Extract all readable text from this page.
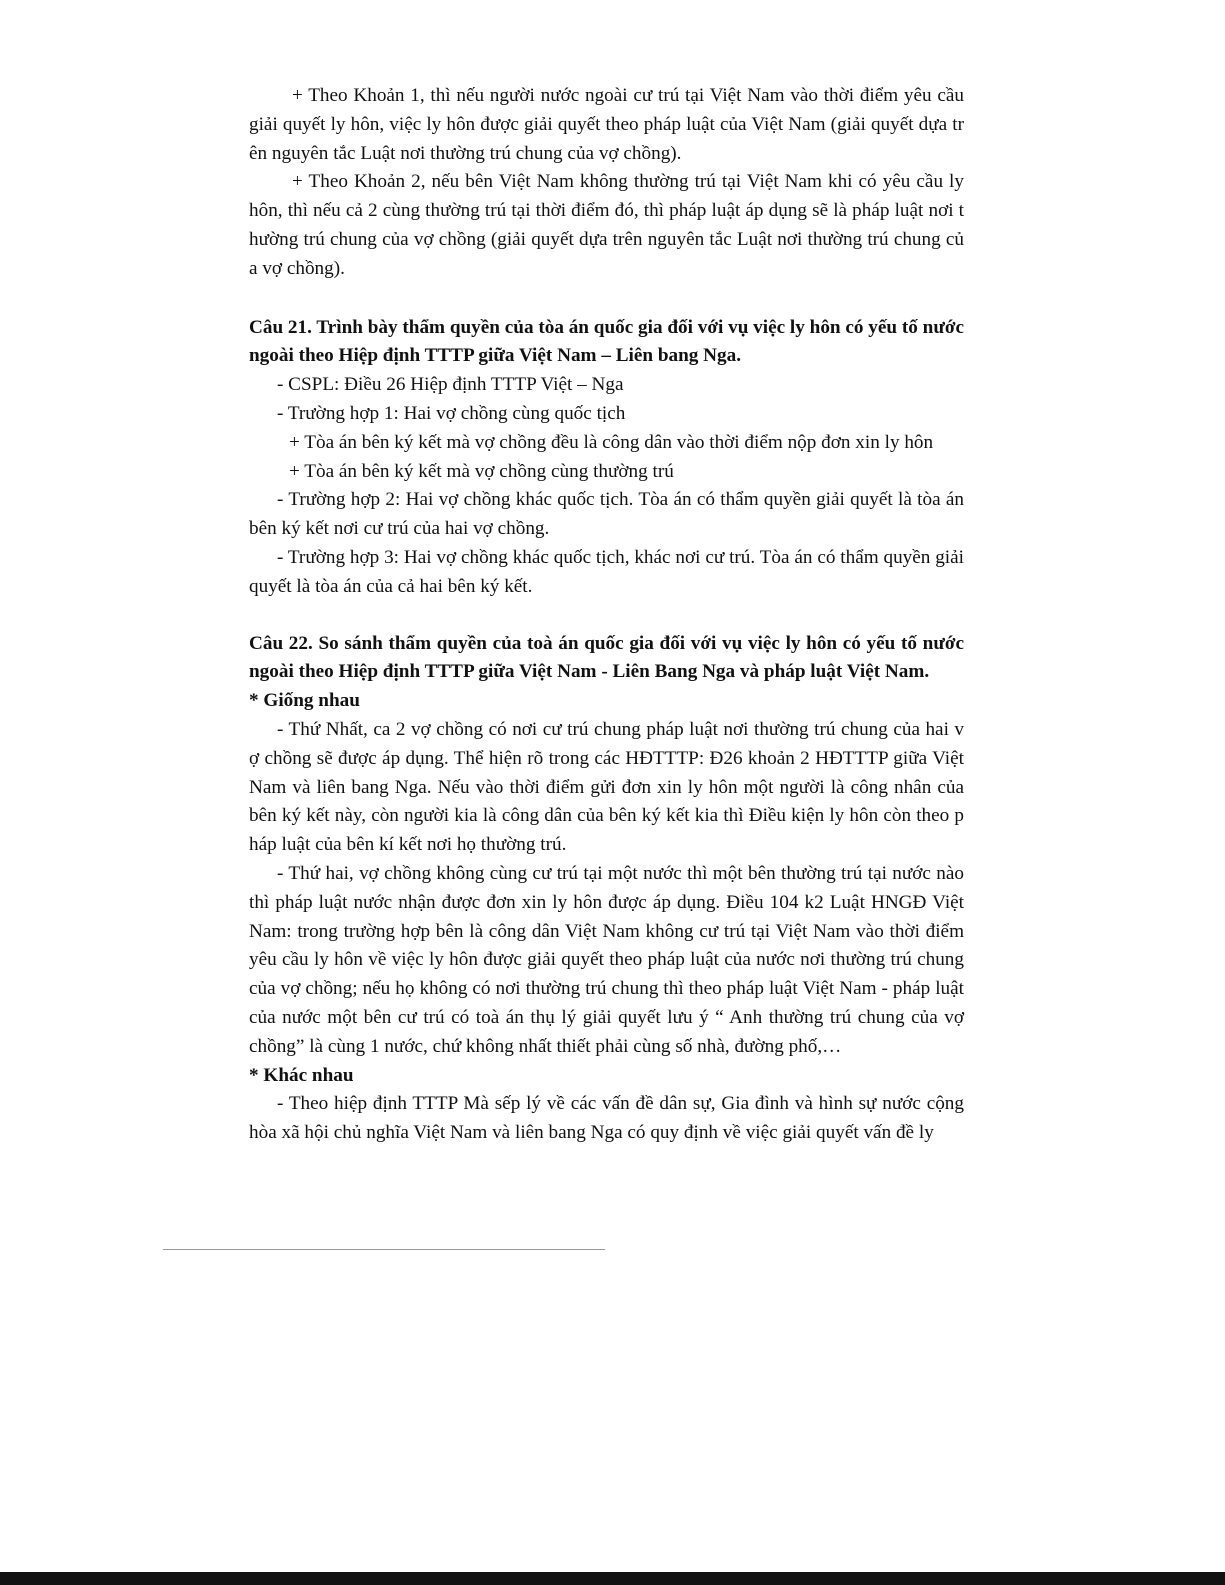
+ Theo Khoản 1, thì nếu người nước ngoài cư trú tại Việt Nam vào thời điểm yêu cầu giải quyết ly hôn, việc ly hôn được giải quyết theo pháp luật của Việt Nam (giải quyết dựa tr ên nguyên tắc Luật nơi thường trú chung của vợ chồng).

+ Theo Khoản 2, nếu bên Việt Nam không thường trú tại Việt Nam khi có yêu cầu ly hôn, thì nếu cả 2 cùng thường trú tại thời điểm đó, thì pháp luật áp dụng sẽ là pháp luật nơi t hường trú chung của vợ chồng (giải quyết dựa trên nguyên tắc Luật nơi thường trú chung củ a vợ chồng).

Câu 21. Trình bày thẩm quyền của tòa án quốc gia đối với vụ việc ly hôn có yếu tố nước ngoài theo Hiệp định TTTP giữa Việt Nam – Liên bang Nga.

- CSPL: Điều 26 Hiệp định TTTP Việt – Nga

- Trường hợp 1: Hai vợ chồng cùng quốc tịch

+ Tòa án bên ký kết mà vợ chồng đều là công dân vào thời điểm nộp đơn xin ly hôn

+ Tòa án bên ký kết mà vợ chồng cùng thường trú

- Trường hợp 2: Hai vợ chồng khác quốc tịch. Tòa án có thẩm quyền giải quyết là tòa án bên ký kết nơi cư trú của hai vợ chồng.

- Trường hợp 3: Hai vợ chồng khác quốc tịch, khác nơi cư trú. Tòa án có thẩm quyền giải quyết là tòa án của cả hai bên ký kết.

Câu 22. So sánh thẩm quyền của toà án quốc gia đối với vụ việc ly hôn có yếu tố nước ngoài theo Hiệp định TTTP giữa Việt Nam - Liên Bang Nga và pháp luật Việt Nam.

* Giống nhau

- Thứ Nhất, ca 2 vợ chồng có nơi cư trú chung pháp luật nơi thường trú chung của hai v ợ chồng sẽ được áp dụng. Thể hiện rõ trong các HĐTTTP: Đ26 khoản 2 HĐTTTP giữa Việt Nam và liên bang Nga. Nếu vào thời điểm gửi đơn xin ly hôn một người là công nhân của bên ký kết này, còn người kia là công dân của bên ký kết kia thì Điều kiện ly hôn còn theo p háp luật của bên kí kết nơi họ thường trú.

- Thứ hai, vợ chồng không cùng cư trú tại một nước thì một bên thường trú tại nước nào thì pháp luật nước nhận được đơn xin ly hôn được áp dụng. Điều 104 k2 Luật HNGĐ Việt Nam: trong trường hợp bên là công dân Việt Nam không cư trú tại Việt Nam vào thời điểm yêu cầu ly hôn về việc ly hôn được giải quyết theo pháp luật của nước nơi thường trú chung của vợ chồng; nếu họ không có nơi thường trú chung thì theo pháp luật Việt Nam - pháp luật của nước một bên cư trú có toà án thụ lý giải quyết lưu ý “ Anh thường trú chung của vợ chồng” là cùng 1 nước, chứ không nhất thiết phải cùng số nhà, đường phố,…

* Khác nhau

- Theo hiệp định TTTP Mà sếp lý về các vấn đề dân sự, Gia đình và hình sự nước cộng hòa xã hội chủ nghĩa Việt Nam và liên bang Nga có quy định về việc giải quyết vấn đề ly
